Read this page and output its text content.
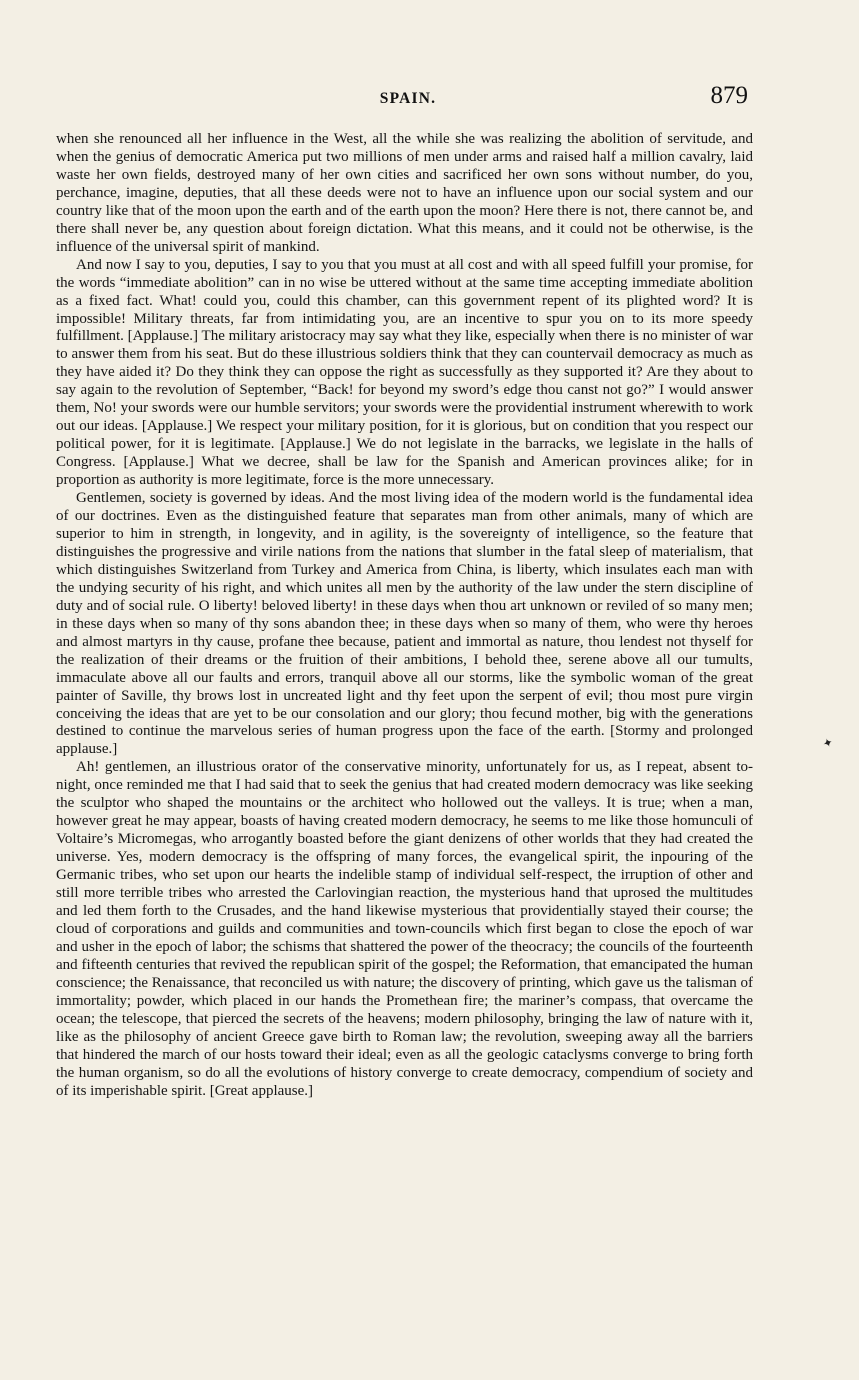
SPAIN.	879

when she renounced all her influence in the West, all the while she was realizing the abolition of servitude, and when the genius of democratic America put two millions of men under arms and raised half a million cavalry, laid waste her own fields, destroyed many of her own cities and sacrificed her own sons without number, do you, perchance, imagine, deputies, that all these deeds were not to have an influence upon our social system and our country like that of the moon upon the earth and of the earth upon the moon? Here there is not, there cannot be, and there shall never be, any question about foreign dictation. What this means, and it could not be otherwise, is the influence of the universal spirit of mankind.

And now I say to you, deputies, I say to you that you must at all cost and with all speed fulfill your promise, for the words “immediate abolition” can in no wise be uttered without at the same time accepting immediate abolition as a fixed fact. What! could you, could this chamber, can this government repent of its plighted word? It is impossible! Military threats, far from intimidating you, are an incentive to spur you on to its more speedy fulfillment. [Applause.] The military aristocracy may say what they like, especially when there is no minister of war to answer them from his seat. But do these illustrious soldiers think that they can countervail democracy as much as they have aided it? Do they think they can oppose the right as successfully as they supported it? Are they about to say again to the revolution of September, “Back! for beyond my sword’s edge thou canst not go?” I would answer them, No! your swords were our humble servitors; your swords were the providential instrument wherewith to work out our ideas. [Applause.] We respect your military position, for it is glorious, but on condition that you respect our political power, for it is legitimate. [Applause.] We do not legislate in the barracks, we legislate in the halls of Congress. [Applause.] What we decree, shall be law for the Spanish and American provinces alike; for in proportion as authority is more legitimate, force is the more unnecessary.

Gentlemen, society is governed by ideas. And the most living idea of the modern world is the fundamental idea of our doctrines. Even as the distinguished feature that separates man from other animals, many of which are superior to him in strength, in longevity, and in agility, is the sovereignty of intelligence, so the feature that distinguishes the progressive and virile nations from the nations that slumber in the fatal sleep of materialism, that which distinguishes Switzerland from Turkey and America from China, is liberty, which insulates each man with the undying security of his right, and which unites all men by the authority of the law under the stern discipline of duty and of social rule. O liberty! beloved liberty! in these days when thou art unknown or reviled of so many men; in these days when so many of thy sons abandon thee; in these days when so many of them, who were thy heroes and almost martyrs in thy cause, profane thee because, patient and immortal as nature, thou lendest not thyself for the realization of their dreams or the fruition of their ambitions, I behold thee, serene above all our tumults, immaculate above all our faults and errors, tranquil above all our storms, like the symbolic woman of the great painter of Saville, thy brows lost in uncreated light and thy feet upon the serpent of evil; thou most pure virgin conceiving the ideas that are yet to be our consolation and our glory; thou fecund mother, big with the generations destined to continue the marvelous series of human progress upon the face of the earth. [Stormy and prolonged applause.]

Ah! gentlemen, an illustrious orator of the conservative minority, unfortunately for us, as I repeat, absent to-night, once reminded me that I had said that to seek the genius that had created modern democracy was like seeking the sculptor who shaped the mountains or the architect who hollowed out the valleys. It is true; when a man, however great he may appear, boasts of having created modern democracy, he seems to me like those homunculi of Voltaire’s Micromegas, who arrogantly boasted before the giant denizens of other worlds that they had created the universe. Yes, modern democracy is the offspring of many forces, the evangelical spirit, the inpouring of the Germanic tribes, who set upon our hearts the indelible stamp of individual self-respect, the irruption of other and still more terrible tribes who arrested the Carlovingian reaction, the mysterious hand that uprosed the multitudes and led them forth to the Crusades, and the hand likewise mysterious that providentially stayed their course; the cloud of corporations and guilds and communities and town-councils which first began to close the epoch of war and usher in the epoch of labor; the schisms that shattered the power of the theocracy; the councils of the fourteenth and fifteenth centuries that revived the republican spirit of the gospel; the Reformation, that emancipated the human conscience; the Renaissance, that reconciled us with nature; the discovery of printing, which gave us the talisman of immortality; powder, which placed in our hands the Promethean fire; the mariner’s compass, that overcame the ocean; the telescope, that pierced the secrets of the heavens; modern philosophy, bringing the law of nature with it, like as the philosophy of ancient Greece gave birth to Roman law; the revolution, sweeping away all the barriers that hindered the march of our hosts toward their ideal; even as all the geologic cataclysms converge to bring forth the human organism, so do all the evolutions of history converge to create democracy, compendium of society and of its imperishable spirit. [Great applause.]

✦
